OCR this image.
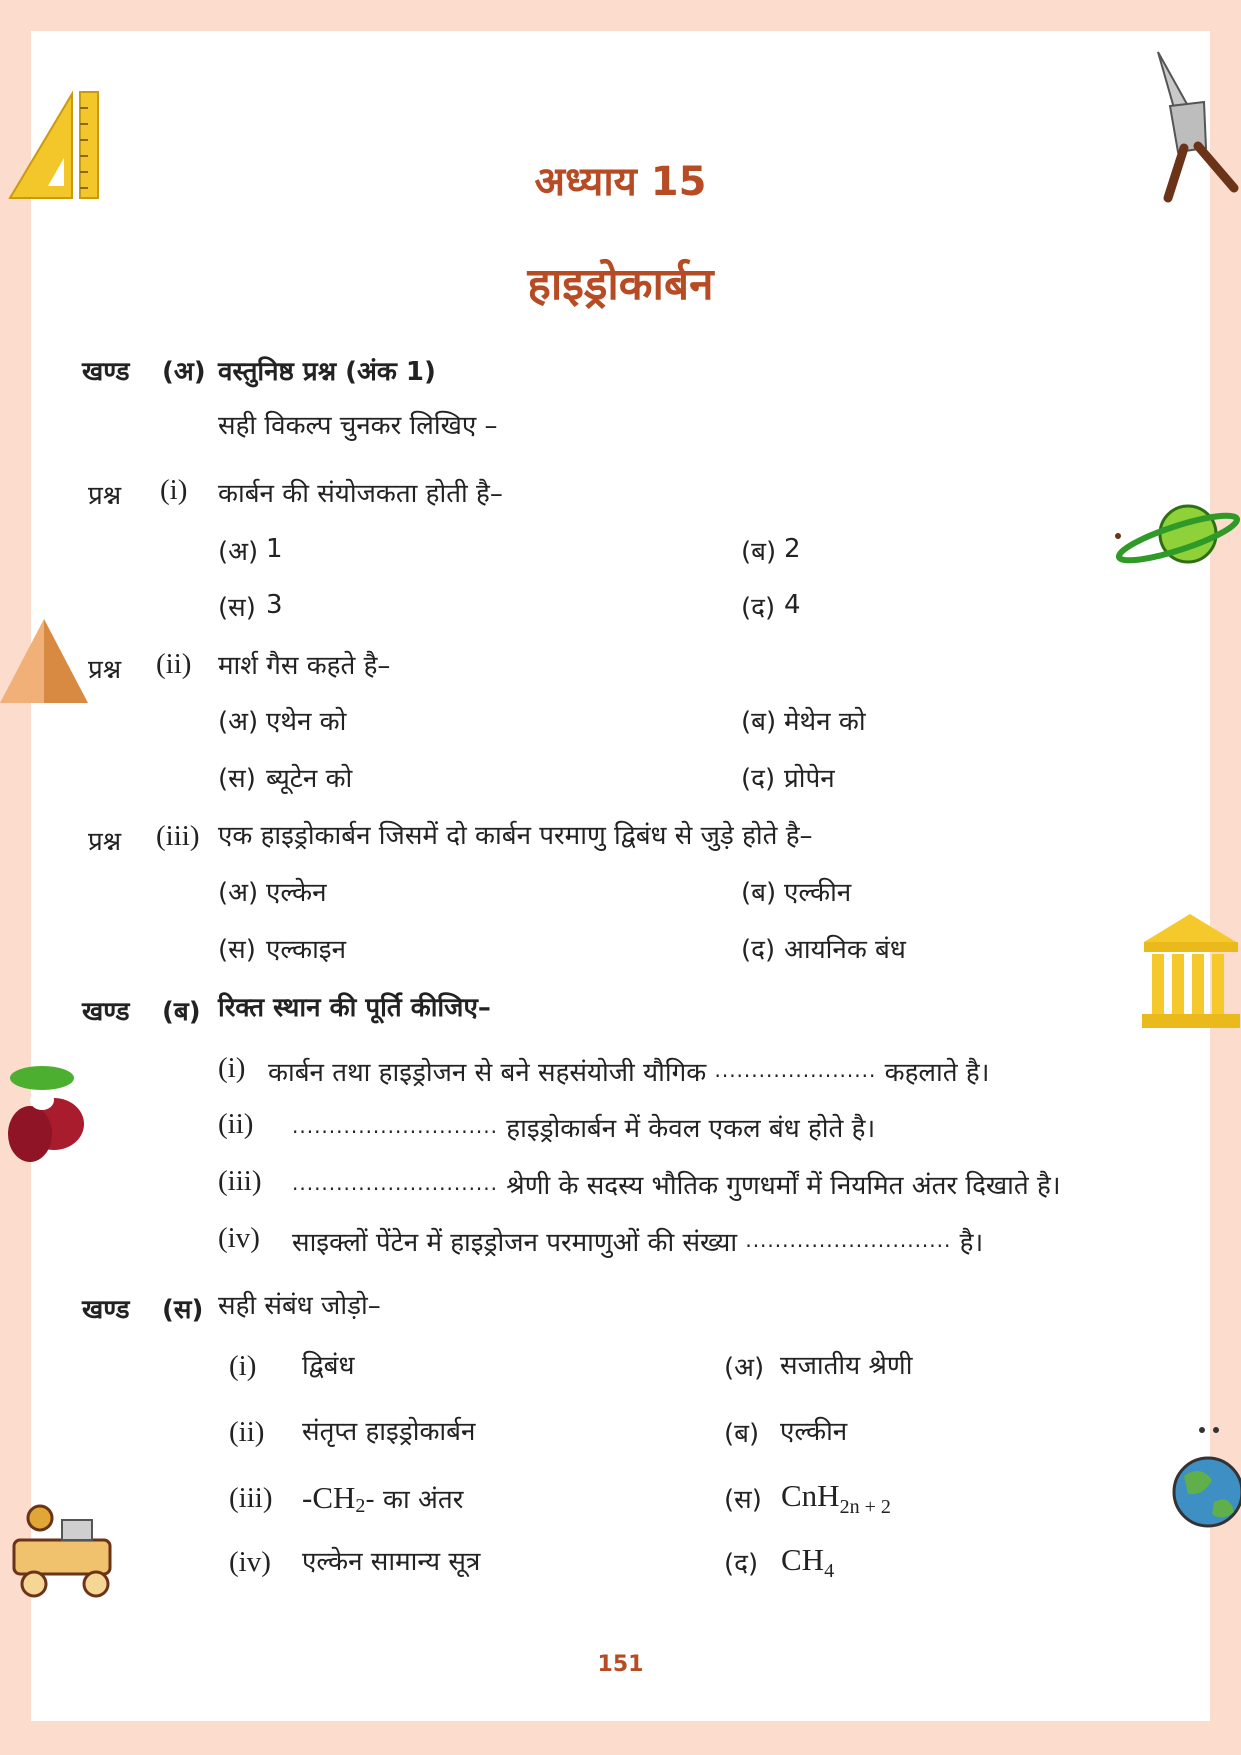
अध्याय 15
हाइड्रोकार्बन
खण्ड (अ) वस्तुनिष्ठ प्रश्न (अंक 1)
सही विकल्प चुनकर लिखिए –
प्रश्न (i) कार्बन की संयोजकता होती है–
(अ) 1	(ब) 2
(स) 3	(द) 4
प्रश्न (ii) मार्श गैस कहते है–
(अ) एथेन को	(ब) मेथेन को
(स) ब्यूटेन को	(द) प्रोपेन
प्रश्न (iii) एक हाइड्रोकार्बन जिसमें दो कार्बन परमाणु द्विबंध से जुड़े होते है–
(अ) एल्केन	(ब) एल्कीन
(स) एल्काइन	(द) आयनिक बंध
खण्ड (ब) रिक्त स्थान की पूर्ति कीजिए–
(i) कार्बन तथा हाइड्रोजन से बने सहसंयोजी यौगिक ...................... कहलाते है।
(ii) ............................ हाइड्रोकार्बन में केवल एकल बंध होते है।
(iii) ............................ श्रेणी के सदस्य भौतिक गुणधर्मों में नियमित अंतर दिखाते है।
(iv) साइक्लों पेंटेन में हाइड्रोजन परमाणुओं की संख्या ............................ है।
खण्ड (स) सही संबंध जोड़ो–
(i) द्विबंध	(अ) सजातीय श्रेणी
(ii) संतृप्त हाइड्रोकार्बन	(ब) एल्कीन
(iii) $-CH_2-$ का अंतर	(स) CnH$_{2n + 2}$
(iv) एल्केन सामान्य सूत्र	(द) $CH_4$
151
